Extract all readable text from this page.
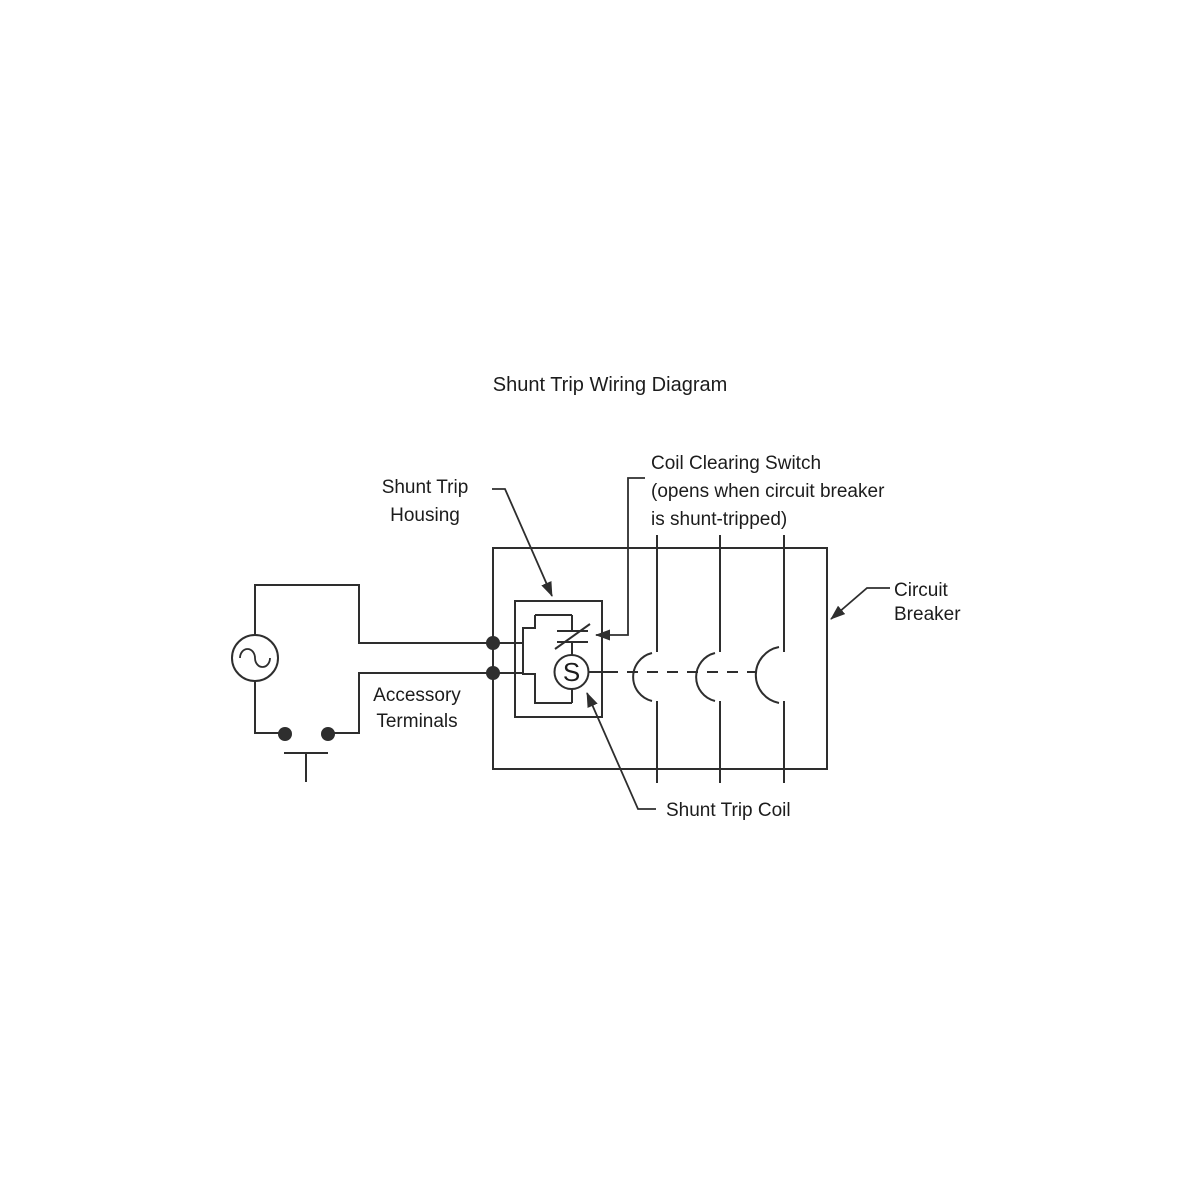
Shunt Trip Wiring Diagram
S
Shunt Trip
Housing
Coil Clearing Switch
(opens when circuit breaker
is shunt-tripped)
Circuit
Breaker
Accessory
Terminals
Shunt Trip Coil
